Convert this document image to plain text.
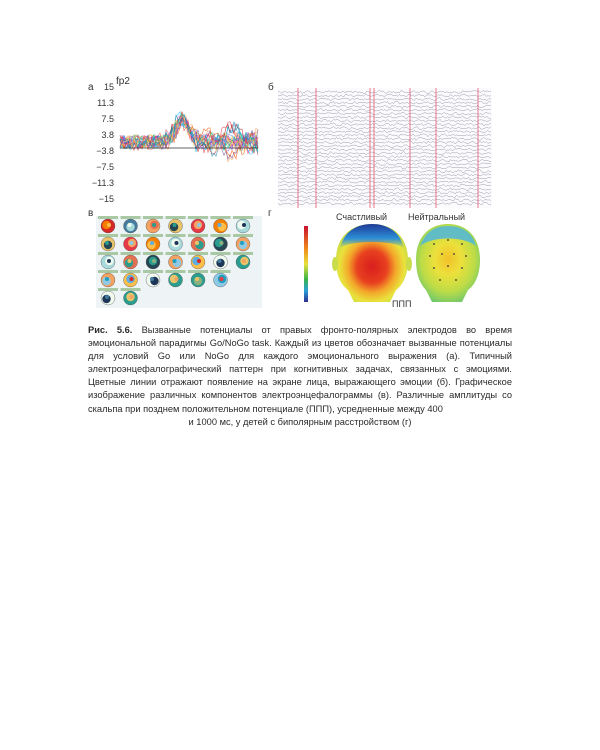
а
fp2
15
11.3
7.5
3.8
−3.8
−7.5
−11.3
−15
б
в	г	Счастливый Нейтральный
ППП
Рис. 5.6. Вызванные потенциалы от правых фронто-полярных электродов во время эмоциональной парадигмы Go/NoGo task. Каждый из цветов обозначает вызванные потенциалы для условий Go или NoGo для каждого эмоционального выражения (а). Типичный электроэнцефалографический паттерн при когнитивных задачах, связанных с эмоциями. Цветные линии отражают появление на экране лица, выражающего эмоции (б). Графическое изображение различных компонентов электроэнцефалограммы (в). Различные амплитуды со скальпа при позднем положительном потенциале (ППП), усредненные между 400
и 1000 мс, у детей с биполярным расстройством (г)
